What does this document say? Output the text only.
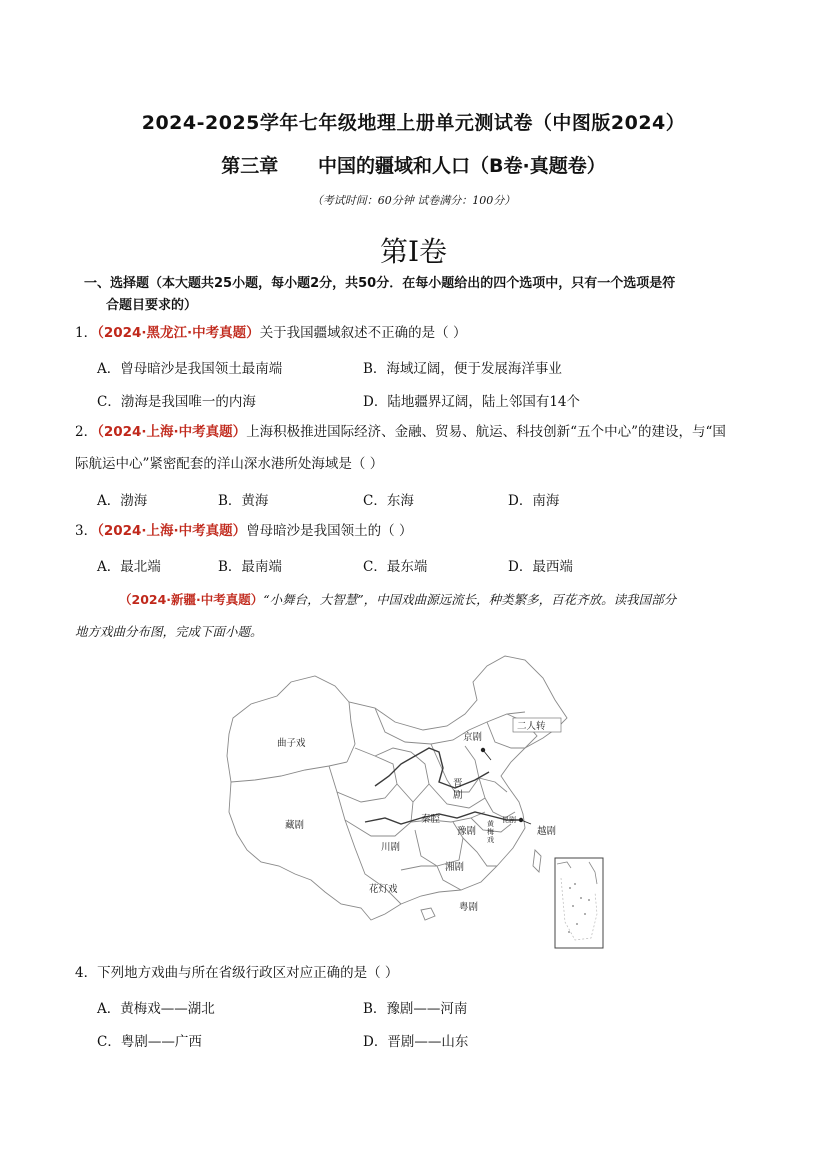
2024-2025学年七年级地理上册单元测试卷（中图版2024）
第三章 中国的疆域和人口（B卷·真题卷）
（考试时间：60分钟 试卷满分：100分）
第I卷
一、选择题（本大题共25小题，每小题2分，共50分．在每小题给出的四个选项中，只有一个选项是符
合题目要求的）
1．（2024·黑龙江·中考真题）关于我国疆域叙述不正确的是（ ）
A．曾母暗沙是我国领土最南端	B．海域辽阔，便于发展海洋事业
C．渤海是我国唯一的内海	D．陆地疆界辽阔，陆上邻国有14个
2．（2024·上海·中考真题）上海积极推进国际经济、金融、贸易、航运、科技创新“五个中心”的建设，与“国
际航运中心”紧密配套的洋山深水港所处海域是（ ）
A．渤海	B．黄海	C．东海	D．南海
3．（2024·上海·中考真题）曾母暗沙是我国领土的（ ）
A．最北端	B．最南端	C．最东端	D．最西端
（2024·新疆·中考真题）“小舞台，大智慧”，中国戏曲源远流长，种类繁多，百花齐放。读我国部分
地方戏曲分布图，完成下面小题。
二人转
曲子戏
京剧
晋
剧
秦腔
豫剧
黄
梅
戏
昆剧
越剧
藏剧
川剧
湘剧
花灯戏
粤剧
4．下列地方戏曲与所在省级行政区对应正确的是（ ）
A．黄梅戏——湖北	B．豫剧——河南
C．粤剧——广西	D．晋剧——山东
